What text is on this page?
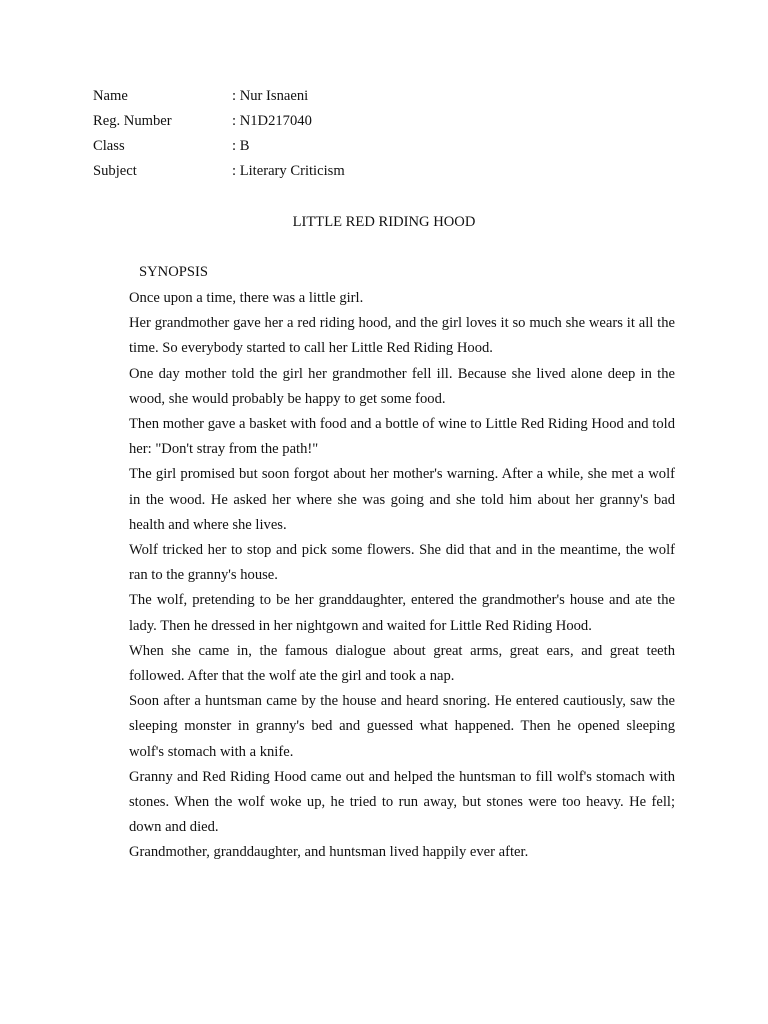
Name	: Nur Isnaeni
Reg. Number	: N1D217040
Class	: B
Subject	: Literary Criticism
LITTLE RED RIDING HOOD
SYNOPSIS

Once upon a time, there was a little girl.

Her grandmother gave her a red riding hood, and the girl loves it so much she wears it all the time. So everybody started to call her Little Red Riding Hood.

One day mother told the girl her grandmother fell ill. Because she lived alone deep in the wood, she would probably be happy to get some food.

Then mother gave a basket with food and a bottle of wine to Little Red Riding Hood and told her: "Don't stray from the path!"

The girl promised but soon forgot about her mother's warning. After a while, she met a wolf in the wood. He asked her where she was going and she told him about her granny's bad health and where she lives.

Wolf tricked her to stop and pick some flowers. She did that and in the meantime, the wolf ran to the granny's house.

The wolf, pretending to be her granddaughter, entered the grandmother's house and ate the lady. Then he dressed in her nightgown and waited for Little Red Riding Hood.

When she came in, the famous dialogue about great arms, great ears, and great teeth followed. After that the wolf ate the girl and took a nap.

Soon after a huntsman came by the house and heard snoring. He entered cautiously, saw the sleeping monster in granny's bed and guessed what happened. Then he opened sleeping wolf's stomach with a knife.

Granny and Red Riding Hood came out and helped the huntsman to fill wolf's stomach with stones. When the wolf woke up, he tried to run away, but stones were too heavy. He fell; down and died.

Grandmother, granddaughter, and huntsman lived happily ever after.
